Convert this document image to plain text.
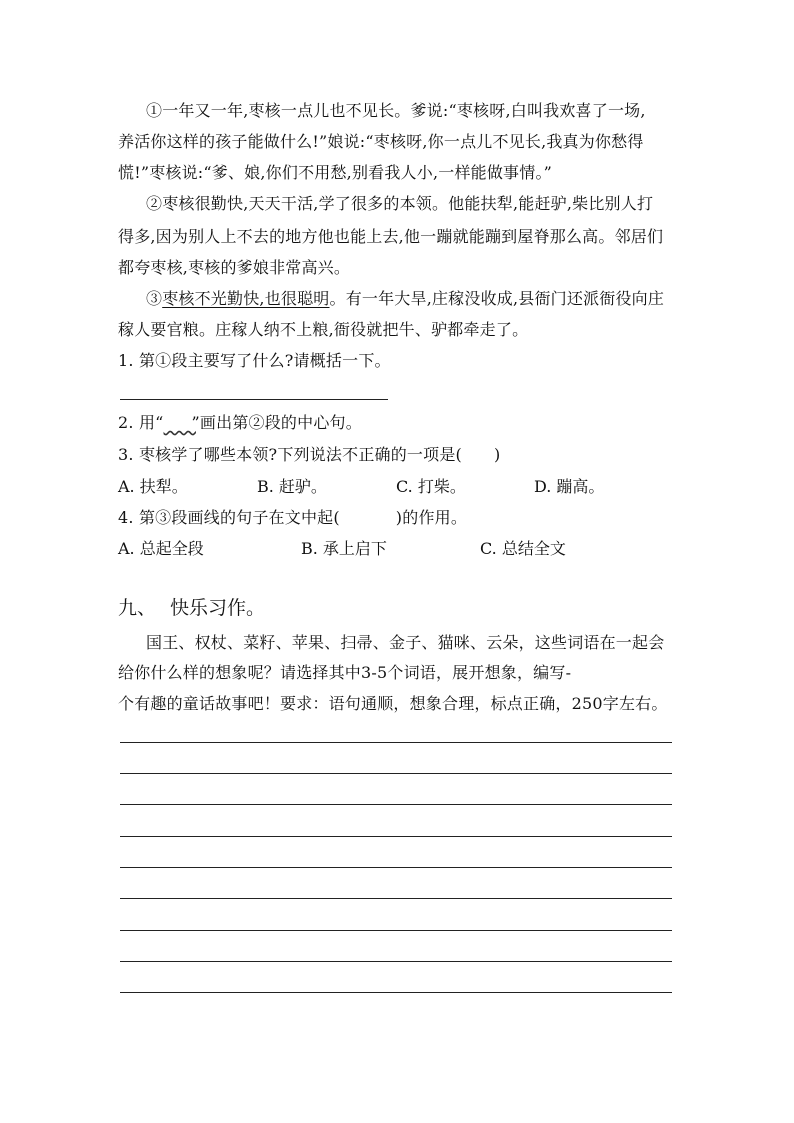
①一年又一年,枣核一点儿也不见长。爹说:“枣核呀,白叫我欢喜了一场,
养活你这样的孩子能做什么!”娘说:“枣核呀,你一点儿不见长,我真为你愁得
慌!”枣核说:“爹、娘,你们不用愁,别看我人小,一样能做事情。”
②枣核很勤快,天天干活,学了很多的本领。他能扶犁,能赶驴,柴比别人打
得多,因为别人上不去的地方他也能上去,他一蹦就能蹦到屋脊那么高。邻居们
都夸枣核,枣核的爹娘非常高兴。
③枣核不光勤快,也很聪明。有一年大旱,庄稼没收成,县衙门还派衙役向庄
稼人要官粮。庄稼人纳不上粮,衙役就把牛、驴都牵走了。
1. 第①段主要写了什么?请概括一下。
2. 用“ ”画出第②段的中心句。
3. 枣核学了哪些本领?下列说法不正确的一项是( )
A. 扶犁。	B. 赶驴。	C. 打柴。	D. 蹦高。
4. 第③段画线的句子在文中起(	)的作用。
A. 总起全段	B. 承上启下	C. 总结全文
九、 快乐习作。
国王、权杖、菜籽、苹果、扫帚、金子、猫咪、云朵，这些词语在一起会
给你什么样的想象呢？请选择其中3-5个词语，展开想象，编写-
个有趣的童话故事吧！要求：语句通顺，想象合理，标点正确，250字左右。
